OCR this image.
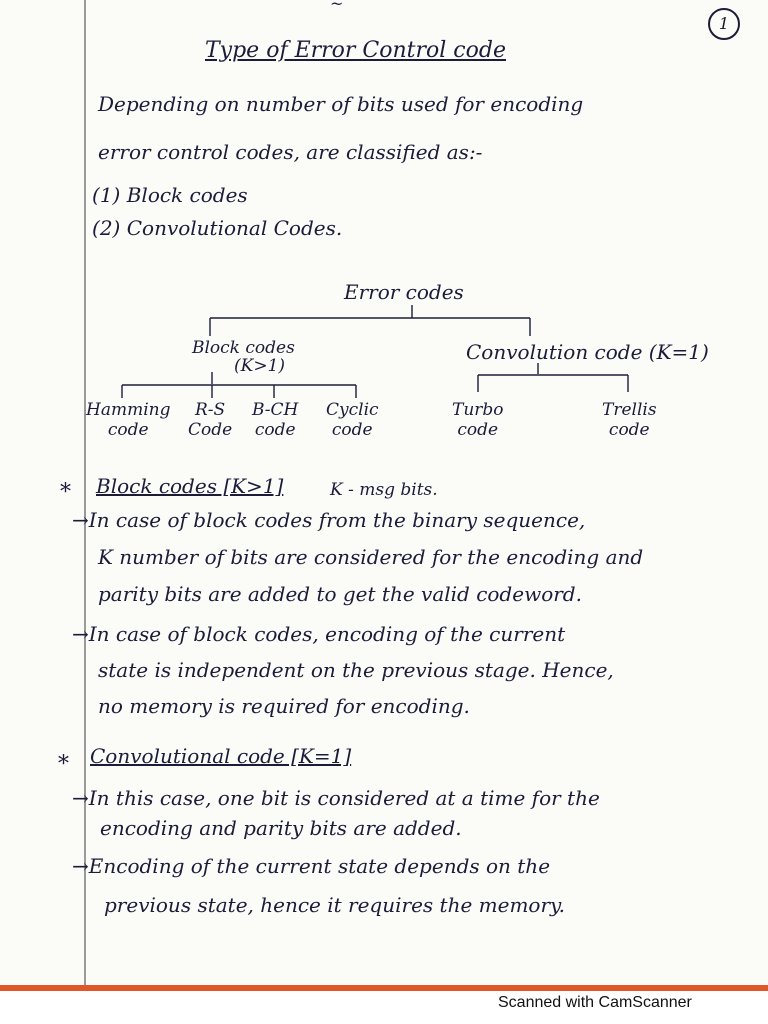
~
1
Type of Error Control code
Depending on number of bits used for encoding
error control codes, are classified as:-
(1) Block codes
(2) Convolutional Codes.
Error codes
Block codes
(K>1)
Convolution code (K=1)
Hamming
code
R-S
Code
B-CH
code
Cyclic
code
Turbo
code
Trellis
code
* Block codes [K>1]	K - msg bits.
→In case of block codes from the binary sequence,
K number of bits are considered for the encoding and
parity bits are added to get the valid codeword.
→In case of block codes, encoding of the current
state is independent on the previous stage. Hence,
no memory is required for encoding.
* Convolutional code [K=1]
→In this case, one bit is considered at a time for the
encoding and parity bits are added.
→Encoding of the current state depends on the
previous state, hence it requires the memory.
Scanned with CamScanner
